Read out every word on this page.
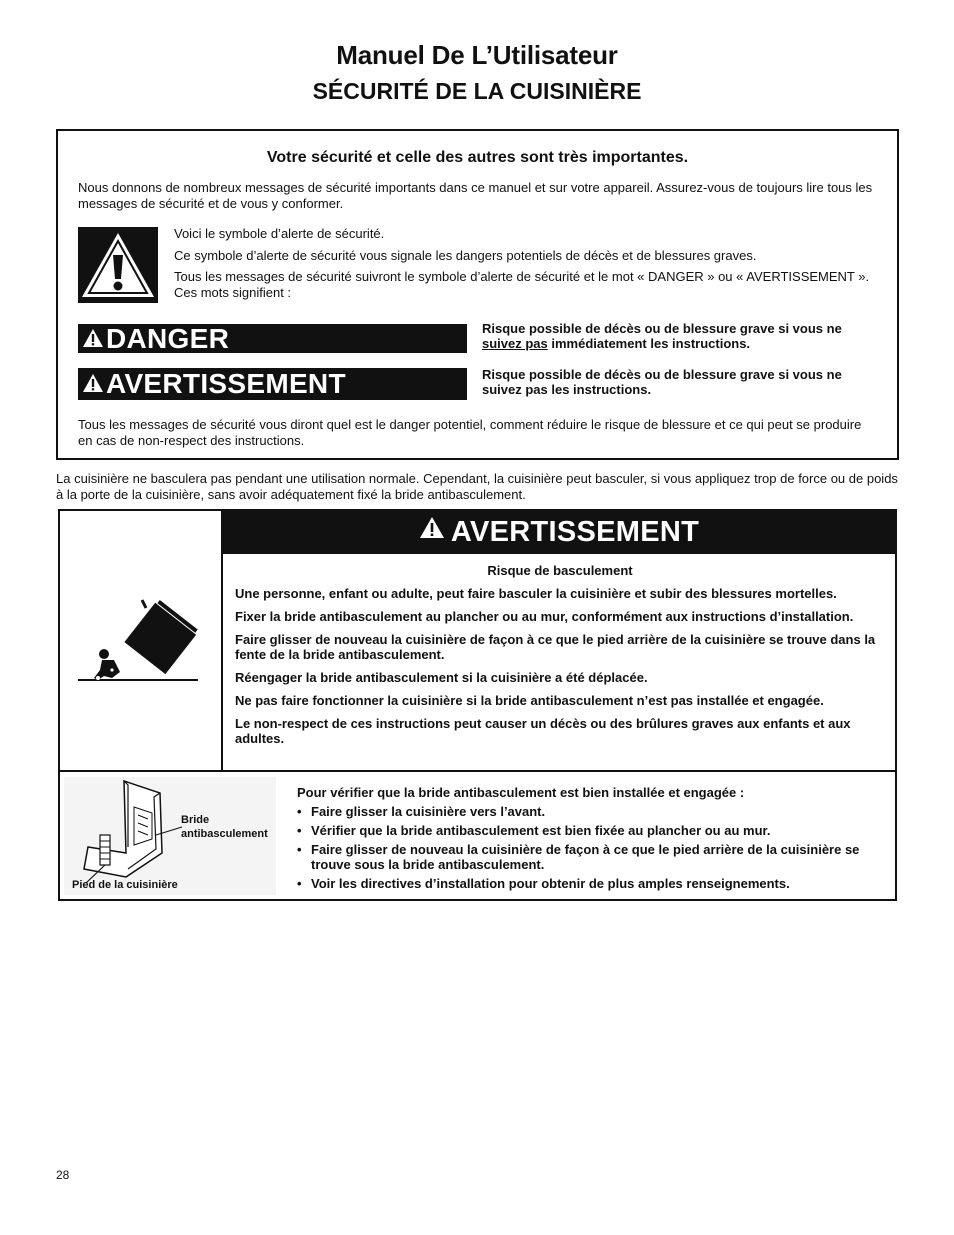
Manuel De L’Utilisateur
SÉCURITÉ DE LA CUISINIÈRE
Votre sécurité et celle des autres sont très importantes.
Nous donnons de nombreux messages de sécurité importants dans ce manuel et sur votre appareil. Assurez-vous de toujours lire tous les messages de sécurité et de vous y conformer.
Voici le symbole d’alerte de sécurité.
Ce symbole d’alerte de sécurité vous signale les dangers potentiels de décès et de blessures graves.
Tous les messages de sécurité suivront le symbole d’alerte de sécurité et le mot « DANGER » ou « AVERTISSEMENT ». Ces mots signifient :
DANGER	Risque possible de décès ou de blessure grave si vous ne suivez pas immédiatement les instructions.
AVERTISSEMENT	Risque possible de décès ou de blessure grave si vous ne suivez pas les instructions.
Tous les messages de sécurité vous diront quel est le danger potentiel, comment réduire le risque de blessure et ce qui peut se produire en cas de non-respect des instructions.
La cuisinière ne basculera pas pendant une utilisation normale. Cependant, la cuisinière peut basculer, si vous appliquez trop de force ou de poids à la porte de la cuisinière, sans avoir adéquatement fixé la bride antibasculement.
AVERTISSEMENT
Risque de basculement
Une personne, enfant ou adulte, peut faire basculer la cuisinière et subir des blessures mortelles.
Fixer la bride antibasculement au plancher ou au mur, conformément aux instructions d’installation.
Faire glisser de nouveau la cuisinière de façon à ce que le pied arrière de la cuisinière se trouve dans la fente de la bride antibasculement.
Réengager la bride antibasculement si la cuisinière a été déplacée.
Ne pas faire fonctionner la cuisinière si la bride antibasculement n’est pas installée et engagée.
Le non-respect de ces instructions peut causer un décès ou des brûlures graves aux enfants et aux adultes.
Bride antibasculement
Pied de la cuisinière
Pour vérifier que la bride antibasculement est bien installée et engagée :
• Faire glisser la cuisinière vers l’avant.
• Vérifier que la bride antibasculement est bien fixée au plancher ou au mur.
• Faire glisser de nouveau la cuisinière de façon à ce que le pied arrière de la cuisinière se trouve sous la bride antibasculement.
• Voir les directives d’installation pour obtenir de plus amples renseignements.
28
